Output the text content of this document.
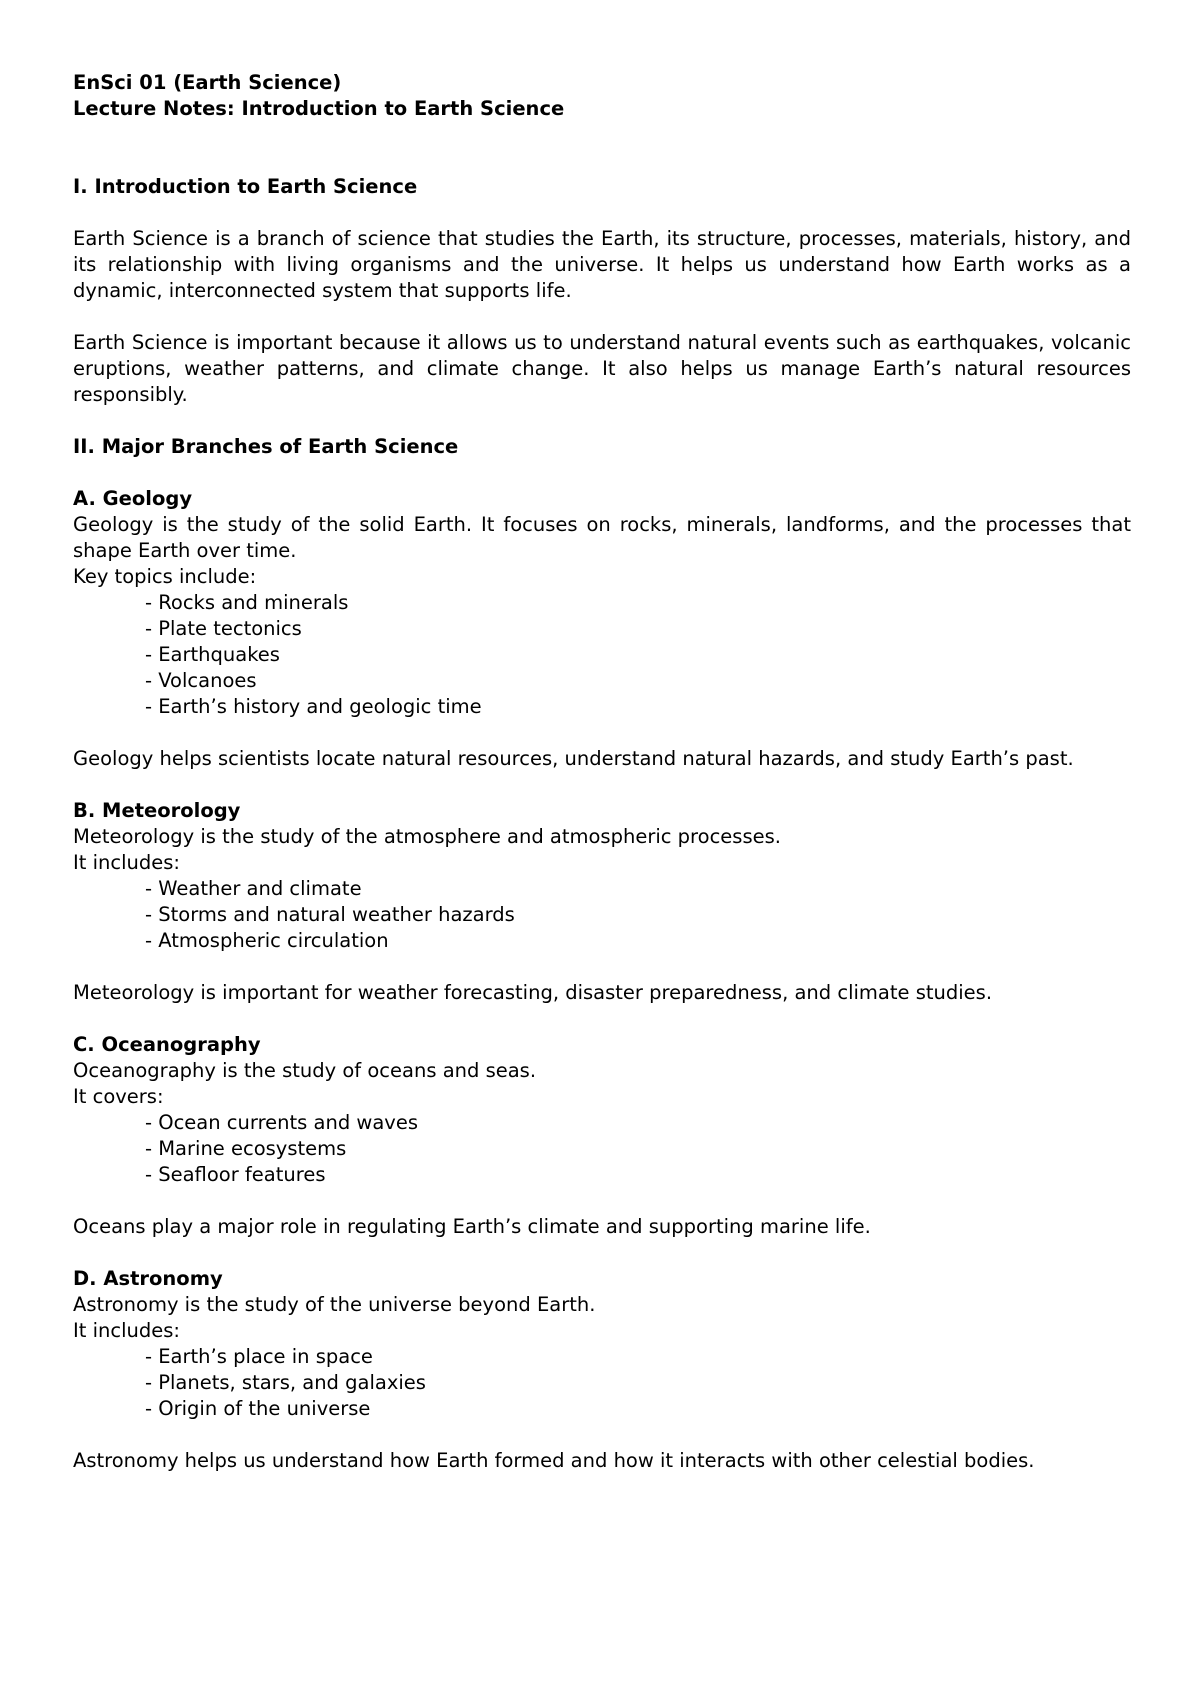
EnSci 01 (Earth Science)
Lecture Notes: Introduction to Earth Science
I. Introduction to Earth Science

Earth Science is a branch of science that studies the Earth, its structure, processes, materials, history, and its relationship with living organisms and the universe. It helps us understand how Earth works as a dynamic, interconnected system that supports life.

Earth Science is important because it allows us to understand natural events such as earthquakes, volcanic eruptions, weather patterns, and climate change. It also helps us manage Earth’s natural resources responsibly.

II. Major Branches of Earth Science
A. Geology

Geology is the study of the solid Earth. It focuses on rocks, minerals, landforms, and the processes that shape Earth over time.

Key topics include:
- Rocks and minerals
- Plate tectonics
- Earthquakes
- Volcanoes
- Earth’s history and geologic time

Geology helps scientists locate natural resources, understand natural hazards, and study Earth’s past.

B. Meteorology
Meteorology is the study of the atmosphere and atmospheric processes.
It includes:
- Weather and climate
- Storms and natural weather hazards
- Atmospheric circulation
Meteorology is important for weather forecasting, disaster preparedness, and climate studies.
C. Oceanography
Oceanography is the study of oceans and seas.
It covers:
- Ocean currents and waves
- Marine ecosystems
- Seafloor features
Oceans play a major role in regulating Earth’s climate and supporting marine life.
D. Astronomy
Astronomy is the study of the universe beyond Earth.
It includes:
- Earth’s place in space
- Planets, stars, and galaxies
- Origin of the universe

Astronomy helps us understand how Earth formed and how it interacts with other celestial bodies.
